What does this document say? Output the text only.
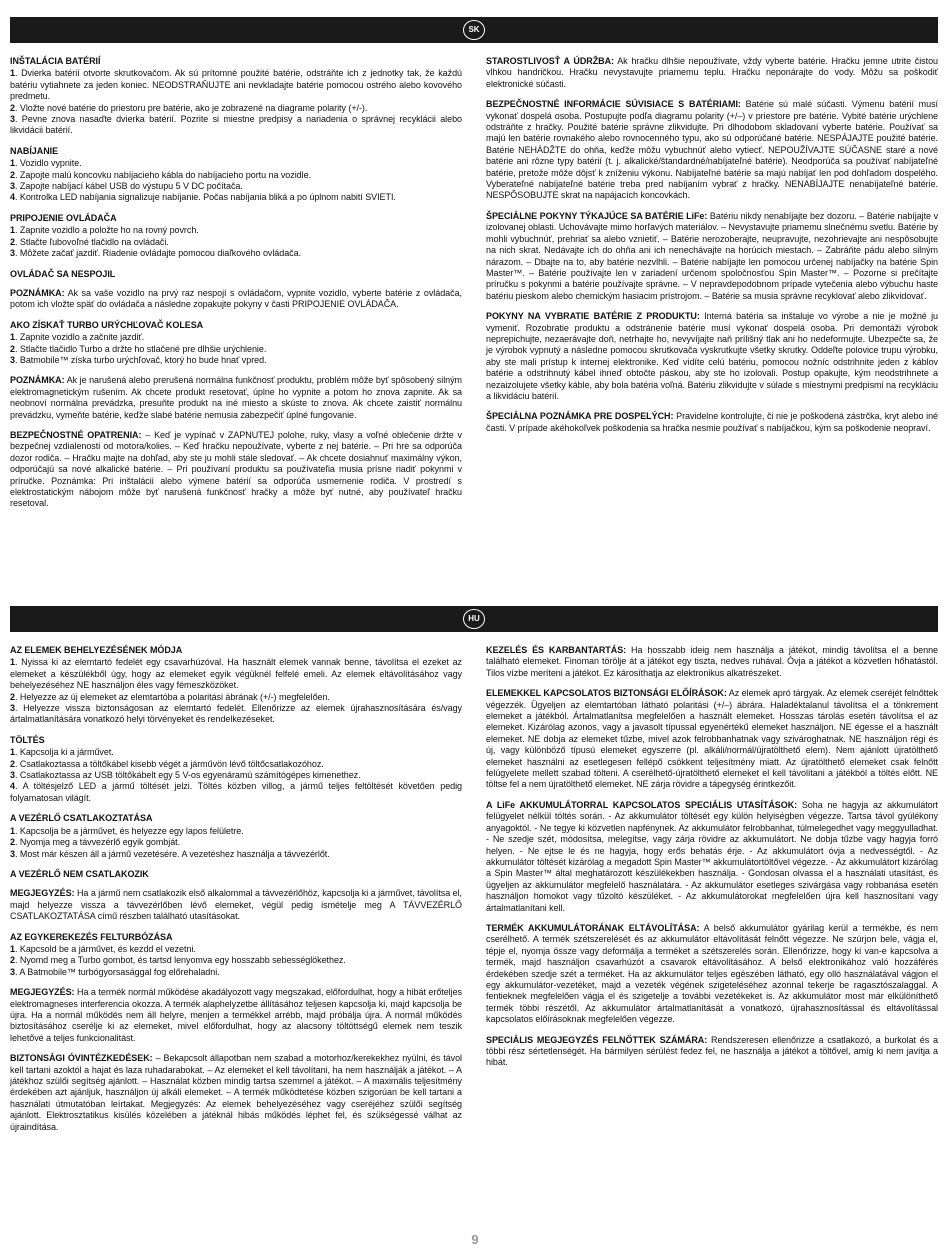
SK
INŠTALÁCIA BATÉRIÍ
1. Dvierka batérií otvorte skrutkovačom. Ak sú prítomné použité batérie, odstráňte ich z jednotky tak, že každú batériu vytiahnete za jeden koniec. NEODSTRAŇUJTE ani nevkladajte batérie pomocou ostrého alebo kovového predmetu.
2. Vložte nové batérie do priestoru pre batérie, ako je zobrazené na diagrame polarity (+/-).
3. Pevne znova nasaďte dvierka batérií. Pozrite si miestne predpisy a nariadenia o správnej recyklácii alebo likvidácii batérií.
NABÍJANIE
1. Vozidlo vypnite.
2. Zapojte malú koncovku nabíjacieho kábla do nabíjacieho portu na vozidle.
3. Zapojte nabíjací kábel USB do výstupu 5 V DC počítača.
4. Kontrolka LED nabíjania signalizuje nabíjanie. Počas nabíjania bliká a po úplnom nabití SVIETI.
PRIPOJENIE OVLÁDAČA
1. Zapnite vozidlo a položte ho na rovný povrch.
2. Stlačte ľubovoľné tlačidlo na ovládači.
3. Môžete začať jazdiť. Riadenie ovládajte pomocou diaľkového ovládača.
OVLÁDAČ SA NESPOJIL
POZNÁMKA: Ak sa vaše vozidlo na prvý raz nespojí s ovládačom, vypnite vozidlo, vyberte batérie z ovládača, potom ich vložte späť do ovládača a následne zopakujte pokyny v časti PRIPOJENIE OVLÁDAČA.
AKO ZÍSKAŤ TURBO URÝCHĽOVAČ KOLESA
1. Zapnite vozidlo a začnite jazdiť.
2. Stlačte tlačidlo Turbo a držte ho stlačené pre dlhšie urýchlenie.
3. Batmobile™ získa turbo urýchľovač, ktorý ho bude hnať vpred.
POZNÁMKA: Ak je narušená alebo prerušená normálna funkčnosť produktu, problém môže byť spôsobený silným elektromagnetickým rušením. Ak chcete produkt resetovať, úplne ho vypnite a potom ho znova zapnite. Ak sa neobnoví normálna prevádzka, presuňte produkt na iné miesto a skúste to znova. Ak chcete zaistiť normálnu prevádzku, vymeňte batérie, keďže slabé batérie nemusia zabezpečiť úplné fungovanie.
BEZPEČNOSTNÉ OPATRENIA: – Keď je vypínač v ZAPNUTEJ polohe, ruky, vlasy a voľné oblečenie držte v bezpečnej vzdialenosti od motora/kolies. – Keď hračku nepoužívate, vyberte z nej batérie. – Pri hre sa odporúča dozor rodiča. – Hračku majte na dohľad, aby ste ju mohli stále sledovať. – Ak chcete dosiahnuť maximálny výkon, odporúčajú sa nové alkalické batérie. – Pri používaní produktu sa používateľia musia prísne riadiť pokynmi v príručke. Poznámka: Pri inštalácii alebo výmene batérií sa odporúča usmernenie rodiča. V prostredí s elektrostatickým nábojom môže byť narušená funkčnosť hračky a môže byť nutné, aby používateľ hračku resetoval.
STAROSTLIVOSŤ A ÚDRŽBA: Ak hračku dlhšie nepoužívate, vždy vyberte batérie. Hračku jemne utrite čistou vlhkou handričkou. Hračku nevystavujte priamemu teplu. Hračku neponárajte do vody. Môžu sa poškodiť elektronické súčasti.
BEZPEČNOSTNÉ INFORMÁCIE SÚVISIACE S BATÉRIAMI: Batérie sú malé súčasti. Výmenu batérií musí vykonať dospelá osoba. Postupujte podľa diagramu polarity (+/–) v priestore pre batérie. Vybité batérie urýchlene odstráňte z hračky. Použité batérie správne zlikvidujte. Pri dlhodobom skladovaní vyberte batérie. Používať sa majú len batérie rovnakého alebo rovnocenného typu, ako sú odporúčané batérie. NESPÁJAJTE použité batérie. Batérie NEHÁDŽTE do ohňa, keďže môžu vybuchnúť alebo vytiecť. NEPOUŽÍVAJTE SÚČASNE staré a nové batérie ani rôzne typy batérií (t. j. alkalické/štandardné/nabíjateľné batérie). Neodporúča sa používať nabíjateľné batérie, pretože môže dôjsť k zníženiu výkonu. Nabíjateľné batérie sa majú nabíjať len pod dohľadom dospelého. Vyberateľné nabíjateľné batérie treba pred nabíjaním vybrať z hračky. NENABÍJAJTE nenabíjateľné batérie. NESPÔSOBUJTE skrat na napájacích koncovkách.
ŠPECIÁLNE POKYNY TÝKAJÚCE SA BATÉRIE LiFe: Batériu nikdy nenabíjajte bez dozoru. – Batérie nabíjajte v izolovanej oblasti. Uchovávajte mimo horľavých materiálov. – Nevystavujte priamemu slnečnému svetlu. Batérie by mohli vybuchnúť, prehriať sa alebo vznietiť. – Batérie nerozoberajte, neupravujte, nezohrievajte ani nespôsobujte na nich skrat. Nedávajte ich do ohňa ani ich nenechávajte na horúcich miestach. – Zabráňte pádu alebo silným nárazom. – Dbajte na to, aby batérie nezvlhli. – Batérie nabíjajte len pomocou určenej nabíjačky na batérie Spin Master™. – Batérie používajte len v zariadení určenom spoločnosťou Spin Master™. – Pozorne si prečítajte príručku s pokynmi a batérie používajte správne. – V nepravdepodobnom prípade vytečenia alebo výbuchu haste batériu pieskom alebo chemickým hasiacim prístrojom. – Batérie sa musia správne recyklovať alebo zlikvidovať.
POKYNY NA VYBRATIE BATÉRIE Z PRODUKTU: Interná batéria sa inštaluje vo výrobe a nie je možné ju vymeniť. Rozobratie produktu a odstránenie batérie musí vykonať dospelá osoba. Pri demontáži výrobok neprepichujte, nezaerávajte doň, netrhajte ho, nevyvíjajte naň prílišný tlak ani ho nedeformujte. Ubezpečte sa, že je výrobok vypnutý a následne pomocou skrutkovača vyskrutkujte všetky skrutky. Oddeľte polovice trupu výrobku, aby ste mali prístup k internej elektronike. Keď vidíte celú batériu, pomocou nožníc odstrihnite jeden z káblov batérie a odstrihnutý kábel ihneď obtočte páskou, aby ste ho izolovali. Postup opakujte, kým neodstrihnete a nezaizolujete všetky káble, aby bola batéria voľná. Batériu zlikvidujte v súlade s miestnymi predpismi na recykláciu a likvidáciu batérií.
ŠPECIÁLNA POZNÁMKA PRE DOSPELÝCH: Pravidelne kontrolujte, či nie je poškodená zástrčka, kryt alebo iné časti. V prípade akéhokoľvek poškodenia sa hračka nesmie používať s nabíjačkou, kým sa poškodenie neopraví.
HU
AZ ELEMEK BEHELYEZÉSÉNEK MÓDJA
1. Nyissa ki az elemtartó fedelét egy csavarhúzóval. Ha használt elemek vannak benne, távolítsa el ezeket az elemeket a készülékből úgy, hogy az elemeket egyik végüknél felfelé emeli. Az elemek eltávolításához vagy behelyezéséhez NE használjon éles vagy fémeszközöket.
2. Helyezze az új elemeket az elemtartóba a polaritási ábrának (+/-) megfelelően.
3. Helyezze vissza biztonságosan az elemtartó fedelét. Ellenőrizze az elemek újrahasznosítására és/vagy ártalmatlanítására vonatkozó helyi törvényeket és rendelkezéseket.
TÖLTÉS
1. Kapcsolja ki a járművet.
2. Csatlakoztassa a töltőkábel kisebb végét a járművön lévő töltőcsatlakozóhoz.
3. Csatlakoztassa az USB töltőkábelt egy 5 V-os egyenáramú számítógépes kimenethez.
4. A töltésjelző LED a jármű töltését jelzi. Töltés közben villog, a jármű teljes feltöltését követően pedig folyamatosan világít.
A VEZÉRLŐ CSATLAKOZTATÁSA
1. Kapcsolja be a járművet, és helyezze egy lapos felületre.
2. Nyomja meg a távvezérlő egyik gombját.
3. Most már készen áll a jármű vezetésére. A vezetéshez használja a távvezérlőt.
A VEZÉRLŐ NEM CSATLAKOZIK
MEGJEGYZÉS: Ha a jármű nem csatlakozik első alkalommal a távvezérlőhöz, kapcsolja ki a járművet, távolítsa el, majd helyezze vissza a távvezérlőben lévő elemeket, végül pedig ismételje meg A TÁVVEZÉRLŐ CSATLAKOZTATÁSA című részben található utasításokat.
AZ EGYKEREKEZÉS FELTURBÓZÁSA
1. Kapcsold be a járművet, és kezdd el vezetni.
2. Nyomd meg a Turbo gombot, és tartsd lenyomva egy hosszabb sebességlökethez.
3. A Batmobile™ turbógyorsasággal fog előrehaladni.
MEGJEGYZÉS: Ha a termék normál működése akadályozott vagy megszakad, előfordulhat, hogy a hibát erőteljes elektromagneses interferencia okozza. A termék alaphelyzetbe állításához teljesen kapcsolja ki, majd kapcsolja be újra. Ha a normál működés nem áll helyre, menjen a termékkel arrébb, majd próbálja újra. A normál működés biztosításához cserélje ki az elemeket, mivel előfordulhat, hogy az alacsony töltöttségű elemek nem teszik lehetővé a teljes funkcionalitást.
BIZTONSÁGI ÓVINTÉZKEDÉSEK: – Bekapcsolt állapotban nem szabad a motorhoz/kerekekhez nyúlni, és távol kell tartani azoktól a hajat és laza ruhadarabokat. – Az elemeket el kell távolítani, ha nem használják a játékot. – A játékhoz szülői segítség ajánlott. – Használat közben mindig tartsa szemmel a játékot. – A maximális teljesítmény érdekében azt ajánljuk, használjon új alkáli elemeket. – A termék működtetése közben szigorúan be kell tartani a használati útmutatóban leírtakat. Megjegyzés: Az elemek behelyezéséhez vagy cseréjéhez szülői segítség ajánlott. Elektrosztatikus kisülés közelében a játéknál hibás működés léphet fel, és szükségessé válhat az újraindítása.
KEZELÉS ÉS KARBANTARTÁS: Ha hosszabb ideig nem használja a játékot, mindig távolítsa el a benne található elemeket. Finoman törölje át a játékot egy tiszta, nedves ruhával. Óvja a játékot a közvetlen hőhatástól. Tilos vízbe meríteni a játékot. Ez károsíthatja az elektronikus alkatrészeket.
ELEMEKKEL KAPCSOLATOS BIZTONSÁGI ELŐÍRÁSOK: Az elemek apró tárgyak. Az elemek cseréjét felnőttek végezzék. Ügyeljen az elemtartóban látható polaritási (+/–) ábrára. Haladéktalanul távolítsa el a tönkrement elemeket a játékból. Ártalmatlanítsa megfelelően a használt elemeket. Hosszas tárolás esetén távolítsa el az elemeket. Kizárólag azonos, vagy a javasolt típussal egyenértékű elemeket használjon. NE égesse el a használt elemeket. NE dobja az elemeket tűzbe, mivel azok felrobbanhatnak vagy szivároghatnak. NE használjon régi és új, vagy különböző típusú elemeket egyszerre (pl. alkáli/normál/újratölthető elem). Nem ajánlott újratölthető elemeket használni az esetlegesen fellépő csökkent teljesítmény miatt. Az újratölthető elemeket csak felnőtt felügyelete mellett szabad tölteni. A cserélhető-újratölthető elemeket el kell távolítani a játékból a töltés előtt. NE töltse fel a nem újratölthető elemeket. NE zárja rövidre a tápegység érintkezőit.
A LiFe AKKUMULÁTORRAL KAPCSOLATOS SPECIÁLIS UTASÍTÁSOK: Soha ne hagyja az akkumulátort felügyelet nélkül töltés során. - Az akkumulátor töltését egy külön helyiségben végezze. Tartsa távol gyúlékony anyagoktól. - Ne tegye ki közvetlen napfénynek. Az akkumulátor felrobbanhat, túlmelegedhet vagy meggyulladhat. - Ne szedje szét, módosítsa, melegítse, vagy zárja rövidre az akkumulátort. Ne dobja tűzbe vagy hagyja forró helyen. - Ne ejtse le és ne hagyja, hogy erős behatás érje. - Az akkumulátort óvja a nedvességtől. - Az akkumulátor töltését kizárólag a megadott Spin Master™ akkumulátortöltővel végezze. - Az akkumulátort kizárólag a Spin Master™ által meghatározott készülékekben használja. - Gondosan olvassa el a használati utasítást, és ügyeljen az akkumulátor megfelelő használatára. - Az akkumulátor esetleges szivárgása vagy robbanása esetén használjon homokot vagy tűzoltó készüléket. - Az akkumulátorokat megfelelően újra kell hasznosítani vagy ártalmatlanítani kell.
TERMÉK AKKUMULÁTORÁNAK ELTÁVOLÍTÁSA: A belső akkumulátor gyárilag kerül a termékbe, és nem cserélhető. A termék szétszerelését és az akkumulátor eltávolítását felnőtt végezze. Ne szúrjon bele, vágja el, tépje el, nyomja össze vagy deformálja a terméket a szétszerelés során. Ellenőrizze, hogy ki van-e kapcsolva a termék, majd használjon csavarhúzót a csavarok eltávolításához. A belső elektronikához való hozzáférés érdekében szedje szét a terméket. Ha az akkumulátor teljes egészében látható, egy olló használatával vágjon el egy akkumulátor-vezetéket, majd a vezeték végének szigeteléséhez azonnal tekerje be ragasztószalaggal. A fentieknek megfelelően vágja el és szigetelje a további vezetékeket is. Az akkumulátor most már elkülöníthető termék többi részétől. Az akkumulátor ártalmatlanítását a vonatkozó, újrahasznosítással és eltávolítással kapcsolatos előírásoknak megfelelően végezze.
SPECIÁLIS MEGJEGYZÉS FELNŐTTEK SZÁMÁRA: Rendszeresen ellenőrizze a csatlakozó, a burkolat és a többi rész sértetlenségét. Ha bármilyen sérülést fedez fel, ne használja a játékot a töltővel, amíg ki nem javítja a hibát.
9
